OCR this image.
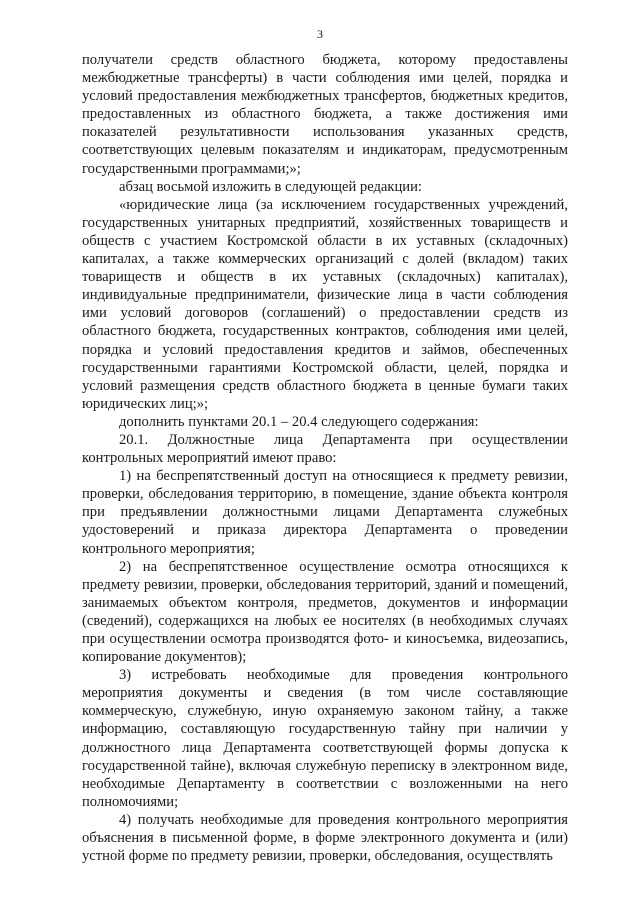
3

получатели средств областного бюджета, которому предоставлены межбюджетные трансферты) в части соблюдения ими целей, порядка и условий предоставления межбюджетных трансфертов, бюджетных кредитов, предоставленных из областного бюджета, а также достижения ими показателей результативности использования указанных средств, соответствующих целевым показателям и индикаторам, предусмотренным государственными программами;»;

абзац восьмой изложить в следующей редакции:

«юридические лица (за исключением государственных учреждений, государственных унитарных предприятий, хозяйственных товариществ и обществ с участием Костромской области в их уставных (складочных) капиталах, а также коммерческих организаций с долей (вкладом) таких товариществ и обществ в их уставных (складочных) капиталах), индивидуальные предприниматели, физические лица в части соблюдения ими условий договоров (соглашений) о предоставлении средств из областного бюджета, государственных контрактов, соблюдения ими целей, порядка и условий предоставления кредитов и займов, обеспеченных государственными гарантиями Костромской области, целей, порядка и условий размещения средств областного бюджета в ценные бумаги таких юридических лиц;»;

дополнить пунктами 20.1 – 20.4 следующего содержания:

20.1. Должностные лица Департамента при осуществлении контрольных мероприятий имеют право:

1) на беспрепятственный доступ на относящиеся к предмету ревизии, проверки, обследования территорию, в помещение, здание объекта контроля при предъявлении должностными лицами Департамента служебных удостоверений и приказа директора Департамента о проведении контрольного мероприятия;

2) на беспрепятственное осуществление осмотра относящихся к предмету ревизии, проверки, обследования территорий, зданий и помещений, занимаемых объектом контроля, предметов, документов и информации (сведений), содержащихся на любых ее носителях (в необходимых случаях при осуществлении осмотра производятся фото- и киносъемка, видеозапись, копирование документов);

3) истребовать необходимые для проведения контрольного мероприятия документы и сведения (в том числе составляющие коммерческую, служебную, иную охраняемую законом тайну, а также информацию, составляющую государственную тайну при наличии у должностного лица Департамента соответствующей формы допуска к государственной тайне), включая служебную переписку в электронном виде, необходимые Департаменту в соответствии с возложенными на него полномочиями;

4) получать необходимые для проведения контрольного мероприятия объяснения в письменной форме, в форме электронного документа и (или) устной форме по предмету ревизии, проверки, обследования, осуществлять
